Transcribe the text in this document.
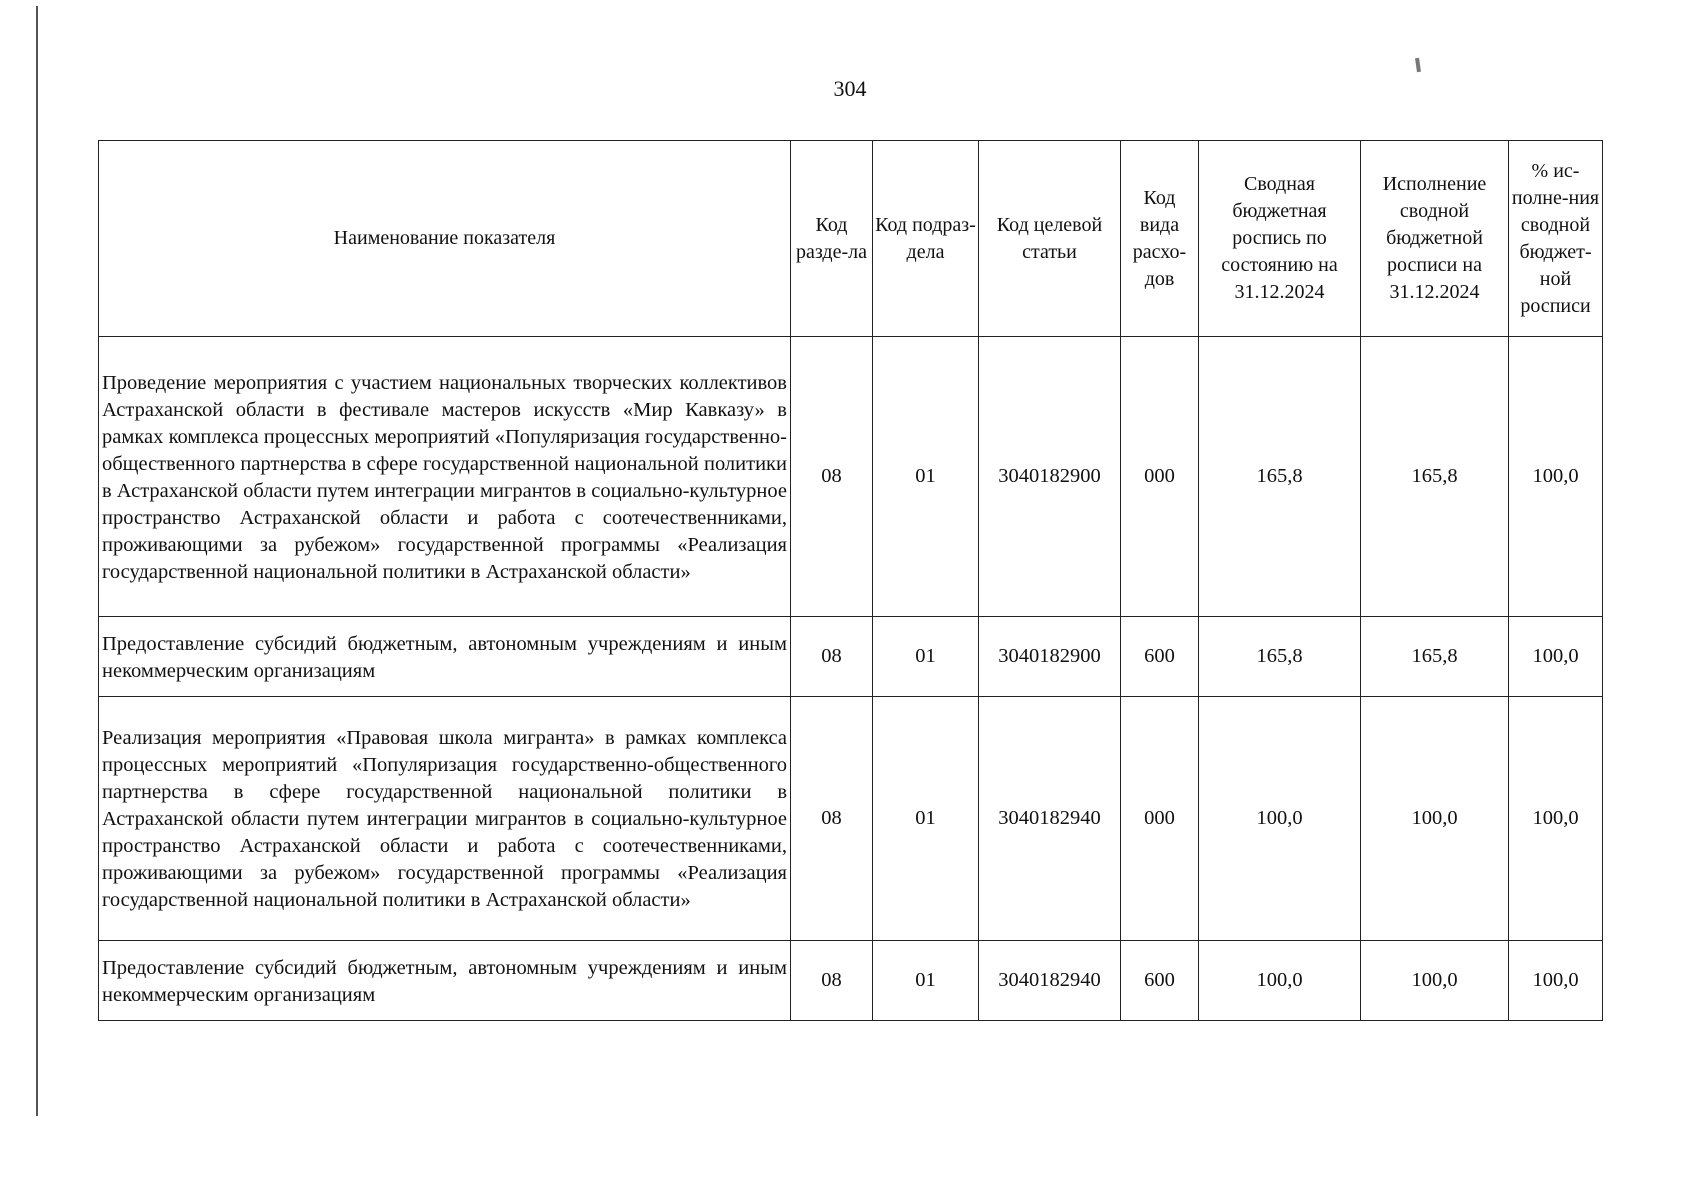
304
Наименование показателя	Код разде-ла	Код подраз-дела	Код целевой статьи	Код вида расхо-дов	Сводная бюджетная роспись по состоянию на 31.12.2024	Исполнение сводной бюджетной росписи на 31.12.2024	% ис-полне-ния сводной бюджет-ной росписи
Проведение мероприятия с участием национальных творческих коллективов Астраханской области в фестивале мастеров искусств «Мир Кавказу» в рамках комплекса процессных мероприятий «Популяризация государственно-общественного партнерства в сфере государственной национальной политики в Астраханской области путем интеграции мигрантов в социально-культурное пространство Астраханской области и работа с соотечественниками, проживающими за рубежом» государственной программы «Реализация государственной национальной политики в Астраханской области»	08	01	3040182900	000	165,8	165,8	100,0
Предоставление субсидий бюджетным, автономным учреждениям и иным некоммерческим организациям	08	01	3040182900	600	165,8	165,8	100,0
Реализация мероприятия «Правовая школа мигранта» в рамках комплекса процессных мероприятий «Популяризация государственно-общественного партнерства в сфере государственной национальной политики в Астраханской области путем интеграции мигрантов в социально-культурное пространство Астраханской области и работа с соотечественниками, проживающими за рубежом» государственной программы «Реализация государственной национальной политики в Астраханской области»	08	01	3040182940	000	100,0	100,0	100,0
Предоставление субсидий бюджетным, автономным учреждениям и иным некоммерческим организациям	08	01	3040182940	600	100,0	100,0	100,0
